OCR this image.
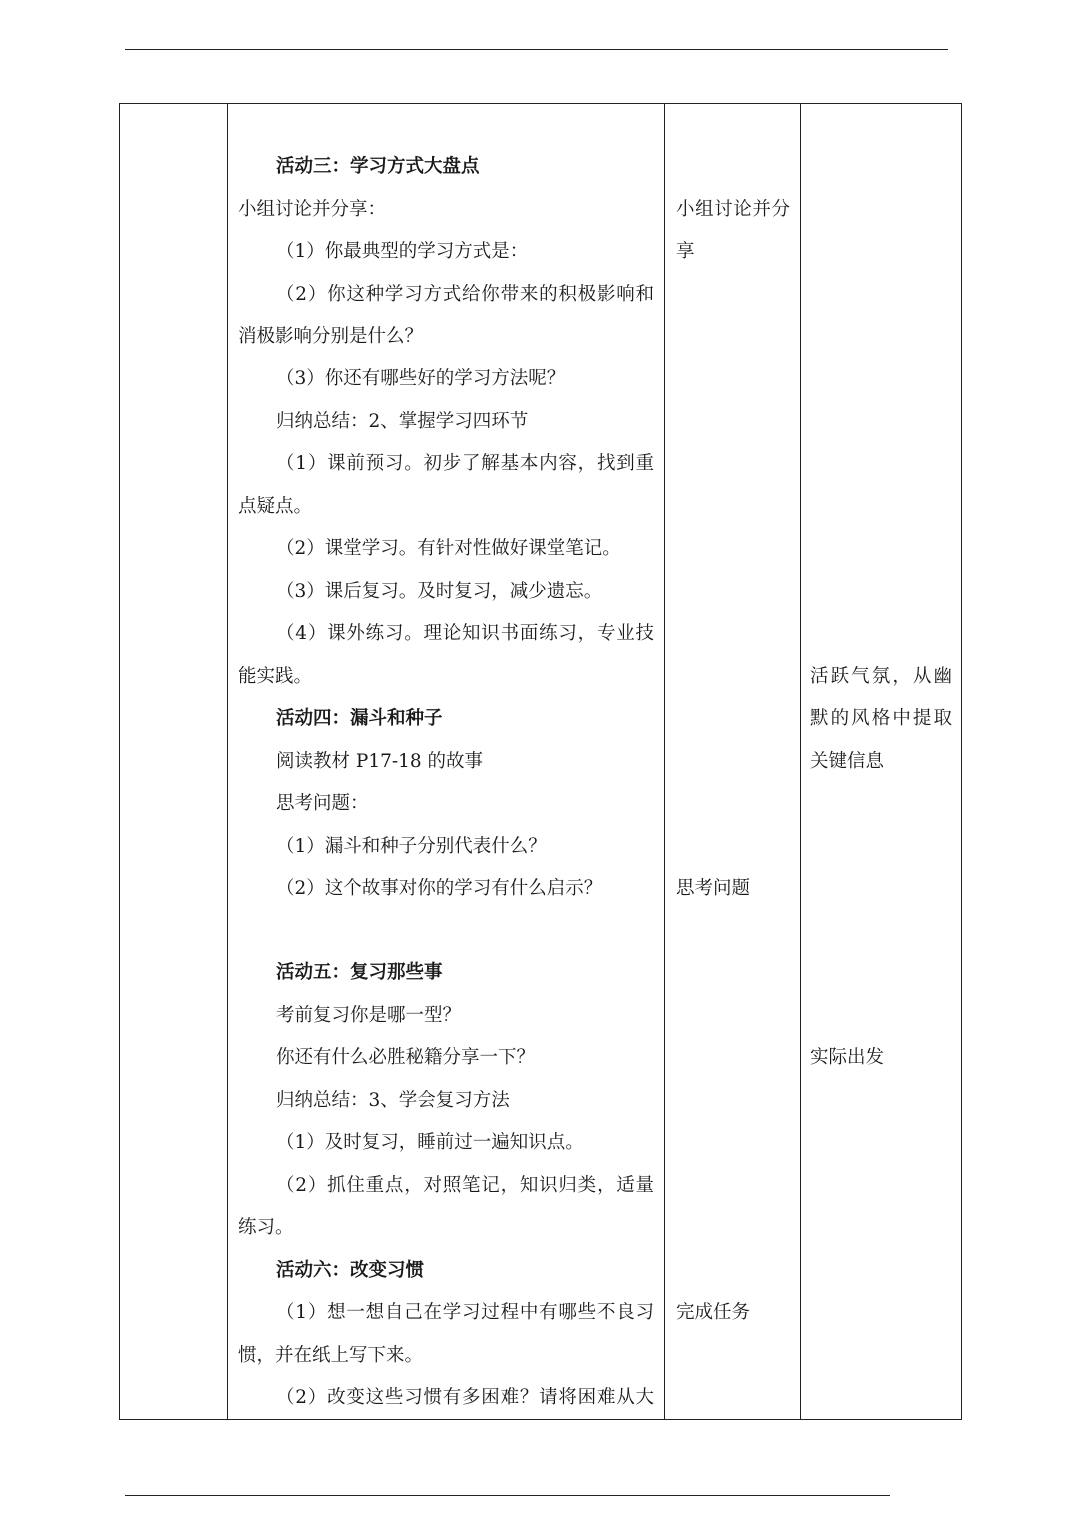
活动三：学习方式大盘点
小组讨论并分享：
（1）你最典型的学习方式是：
（2）你这种学习方式给你带来的积极影响和
消极影响分别是什么？
（3）你还有哪些好的学习方法呢？
归纳总结：2、掌握学习四环节
（1）课前预习。初步了解基本内容，找到重
点疑点。
（2）课堂学习。有针对性做好课堂笔记。
（3）课后复习。及时复习，减少遗忘。
（4）课外练习。理论知识书面练习，专业技
能实践。
活动四：漏斗和种子
阅读教材 P17-18 的故事
思考问题：
（1）漏斗和种子分别代表什么？
（2）这个故事对你的学习有什么启示？
活动五：复习那些事
考前复习你是哪一型？
你还有什么必胜秘籍分享一下？
归纳总结：3、学会复习方法
（1）及时复习，睡前过一遍知识点。
（2）抓住重点，对照笔记，知识归类，适量
练习。
活动六：改变习惯
（1）想一想自己在学习过程中有哪些不良习
惯，并在纸上写下来。
（2）改变这些习惯有多困难？请将困难从大
小组讨论并分
享
思考问题
完成任务
活跃气氛，从幽
默的风格中提取
关键信息
实际出发
